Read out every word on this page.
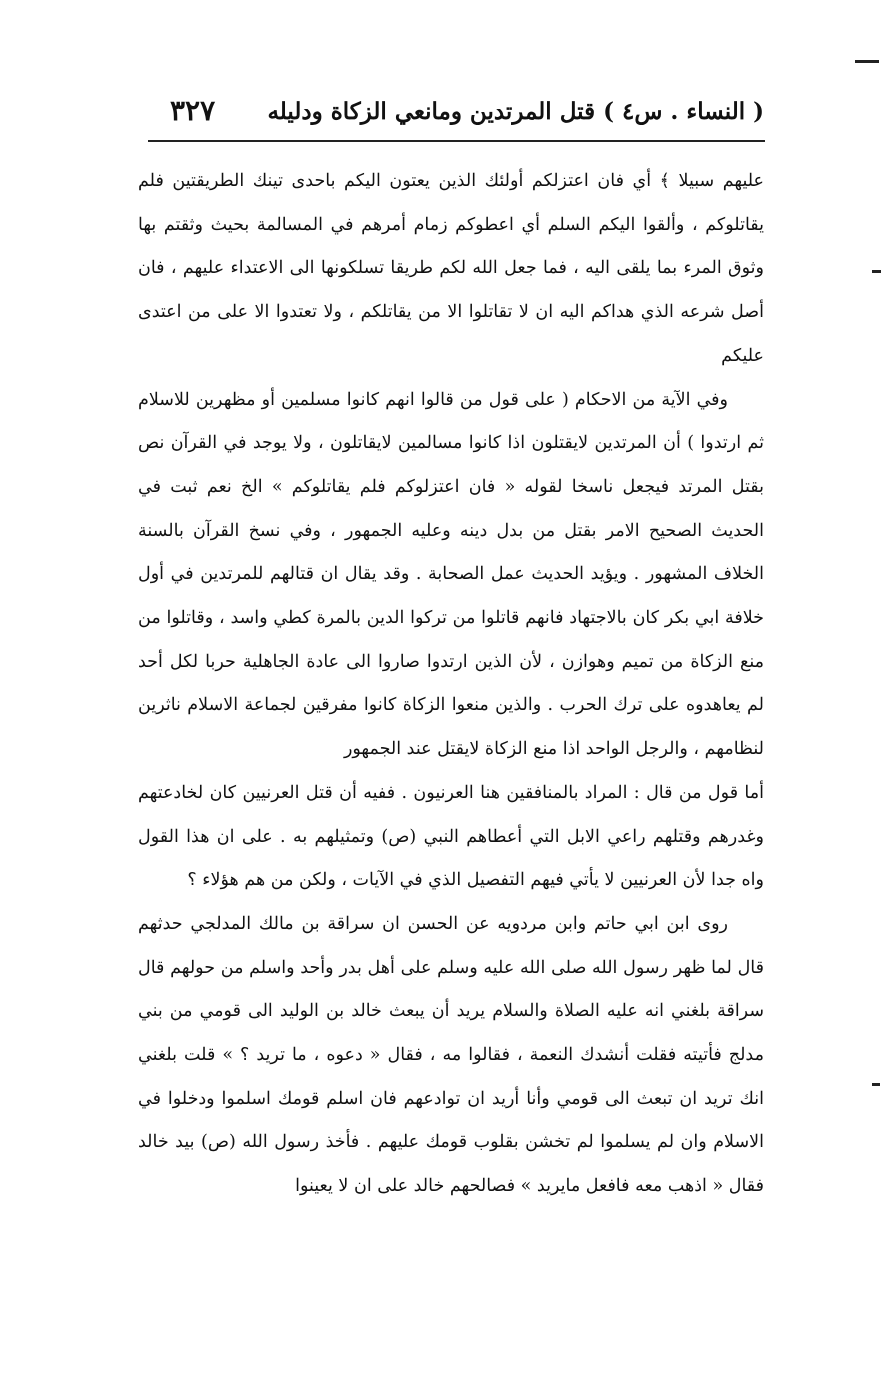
( النساء . س٤ ) قتل المرتدين ومانعي الزكاة ودليله
٣٢٧

عليهم سبيلا ﴾ أي فان اعتزلكم أولئك الذين يعتون اليكم باحدى تينك الطريقتين فلم يقاتلوكم ، وألقوا اليكم السلم أي اعطوكم زمام أمرهم في المسالمة بحيث وثقتم بها وثوق المرء بما يلقى اليه ، فما جعل الله لكم طريقا تسلكونها الى الاعتداء عليهم ، فان أصل شرعه الذي هداكم اليه ان لا تقاتلوا الا من يقاتلكم ، ولا تعتدوا الا على من اعتدى عليكم

وفي الآية من الاحكام ( على قول من قالوا انهم كانوا مسلمين أو مظهرين للاسلام ثم ارتدوا ) أن المرتدين لايقتلون اذا كانوا مسالمين لايقاتلون ، ولا يوجد في القرآن نص بقتل المرتد فيجعل ناسخا لقوله « فان اعتزلوكم فلم يقاتلوكم » الخ نعم ثبت في الحديث الصحيح الامر بقتل من بدل دينه وعليه الجمهور ، وفي نسخ القرآن بالسنة الخلاف المشهور . ويؤيد الحديث عمل الصحابة . وقد يقال ان قتالهم للمرتدين في أول خلافة ابي بكر كان بالاجتهاد فانهم قاتلوا من تركوا الدين بالمرة كطي واسد ، وقاتلوا من منع الزكاة من تميم وهوازن ، لأن الذين ارتدوا صاروا الى عادة الجاهلية حربا لكل أحد لم يعاهدوه على ترك الحرب . والذين منعوا الزكاة كانوا مفرقين لجماعة الاسلام ناثرين لنظامهم ، والرجل الواحد اذا منع الزكاة لايقتل عند الجمهور

أما قول من قال : المراد بالمنافقين هنا العرنيون . ففيه أن قتل العرنيين كان لخادعتهم وغدرهم وقتلهم راعي الابل التي أعطاهم النبي (ص) وتمثيلهم به . على ان هذا القول واه جدا لأن العرنيين لا يأتي فيهم التفصيل الذي في الآيات ، ولكن من هم هؤلاء ؟

روى ابن ابي حاتم وابن مردويه عن الحسن ان سراقة بن مالك المدلجي حدثهم قال لما ظهر رسول الله صلى الله عليه وسلم على أهل بدر وأحد واسلم من حولهم قال سراقة بلغني انه عليه الصلاة والسلام يريد أن يبعث خالد بن الوليد الى قومي من بني مدلج فأتيته فقلت أنشدك النعمة ، فقالوا مه ، فقال « دعوه ، ما تريد ؟ » قلت بلغني انك تريد ان تبعث الى قومي وأنا أريد ان توادعهم فان اسلم قومك اسلموا ودخلوا في الاسلام وان لم يسلموا لم تخشن بقلوب قومك عليهم . فأخذ رسول الله (ص) بيد خالد فقال « اذهب معه فافعل مايريد » فصالحهم خالد على ان لا يعينوا
